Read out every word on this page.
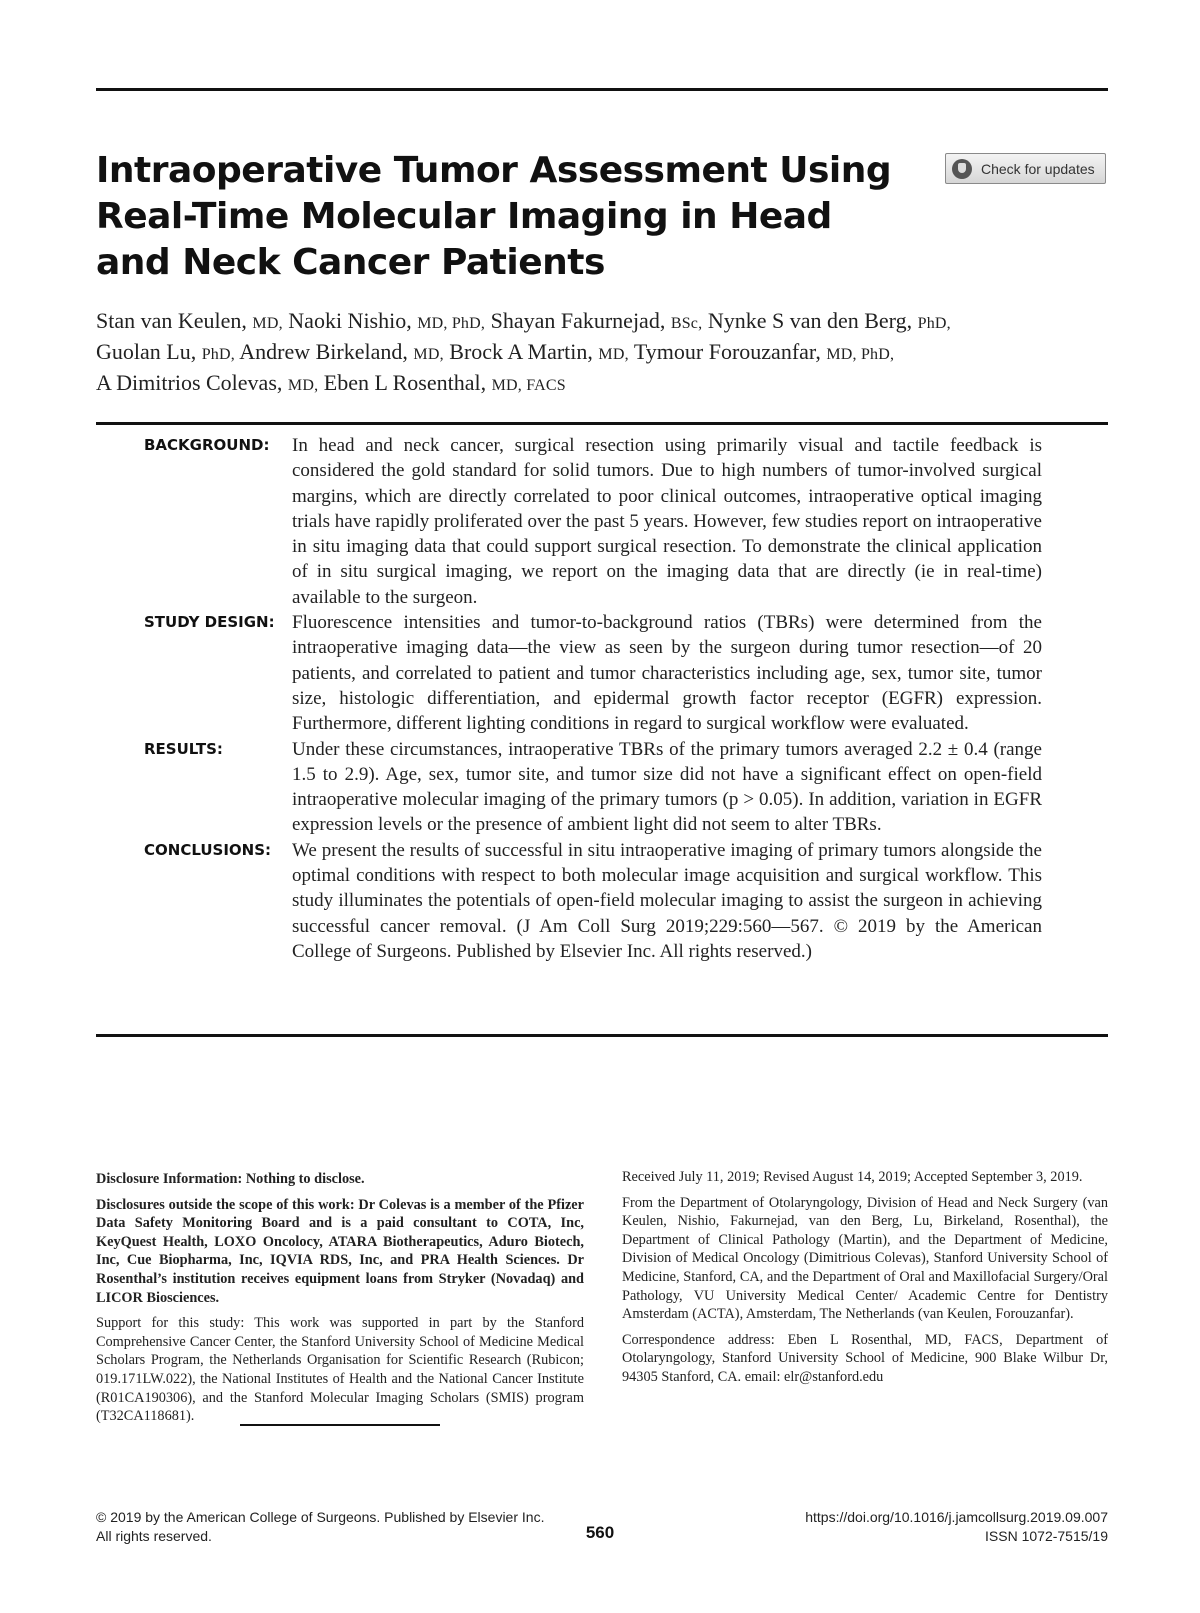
Intraoperative Tumor Assessment Using Real-Time Molecular Imaging in Head and Neck Cancer Patients
Check for updates

Stan van Keulen, MD, Naoki Nishio, MD, PhD, Shayan Fakurnejad, BSc, Nynke S van den Berg, PhD,
Guolan Lu, PhD, Andrew Birkeland, MD, Brock A Martin, MD, Tymour Forouzanfar, MD, PhD,
A Dimitrios Colevas, MD, Eben L Rosenthal, MD, FACS

BACKGROUND:	In head and neck cancer, surgical resection using primarily visual and tactile feedback is considered the gold standard for solid tumors. Due to high numbers of tumor-involved surgical margins, which are directly correlated to poor clinical outcomes, intraoperative optical imaging trials have rapidly proliferated over the past 5 years. However, few studies report on intraoperative in situ imaging data that could support surgical resection. To demonstrate the clinical application of in situ surgical imaging, we report on the imaging data that are directly (ie in real-time) available to the surgeon.

STUDY DESIGN: Fluorescence intensities and tumor-to-background ratios (TBRs) were determined from the intraoperative imaging data—the view as seen by the surgeon during tumor resection—of 20 patients, and correlated to patient and tumor characteristics including age, sex, tumor site, tumor size, histologic differentiation, and epidermal growth factor receptor (EGFR) expression. Furthermore, different lighting conditions in regard to surgical workflow were evaluated.

RESULTS:	Under these circumstances, intraoperative TBRs of the primary tumors averaged 2.2 ± 0.4 (range 1.5 to 2.9). Age, sex, tumor site, and tumor size did not have a significant effect on open-field intraoperative molecular imaging of the primary tumors (p > 0.05). In addition, variation in EGFR expression levels or the presence of ambient light did not seem to alter TBRs.

CONCLUSIONS:	We present the results of successful in situ intraoperative imaging of primary tumors alongside the optimal conditions with respect to both molecular image acquisition and surgical workflow. This study illuminates the potentials of open-field molecular imaging to assist the surgeon in achieving successful cancer removal. (J Am Coll Surg 2019;229:560—567. © 2019 by the American College of Surgeons. Published by Elsevier Inc. All rights reserved.)

Disclosure Information: Nothing to disclose.

Disclosures outside the scope of this work: Dr Colevas is a member of the Pfizer Data Safety Monitoring Board and is a paid consultant to COTA, Inc, KeyQuest Health, LOXO Oncolocy, ATARA Biotherapeutics, Aduro Biotech, Inc, Cue Biopharma, Inc, IQVIA RDS, Inc, and PRA Health Sciences. Dr Rosenthal’s institution receives equipment loans from Stryker (Novadaq) and LICOR Biosciences.

Support for this study: This work was supported in part by the Stanford Comprehensive Cancer Center, the Stanford University School of Medicine Medical Scholars Program, the Netherlands Organisation for Scientific Research (Rubicon; 019.171LW.022), the National Institutes of Health and the National Cancer Institute (R01CA190306), and the Stanford Molecular Imaging Scholars (SMIS) program (T32CA118681).

Received July 11, 2019; Revised August 14, 2019; Accepted September 3, 2019.

From the Department of Otolaryngology, Division of Head and Neck Surgery (van Keulen, Nishio, Fakurnejad, van den Berg, Lu, Birkeland, Rosenthal), the Department of Clinical Pathology (Martin), and the Department of Medicine, Division of Medical Oncology (Dimitrious Colevas), Stanford University School of Medicine, Stanford, CA, and the Department of Oral and Maxillofacial Surgery/Oral Pathology, VU University Medical Center/ Academic Centre for Dentistry Amsterdam (ACTA), Amsterdam, The Netherlands (van Keulen, Forouzanfar).

Correspondence address: Eben L Rosenthal, MD, FACS, Department of Otolaryngology, Stanford University School of Medicine, 900 Blake Wilbur Dr, 94305 Stanford, CA. email: elr@stanford.edu

© 2019 by the American College of Surgeons. Published by Elsevier Inc.
All rights reserved.	560
https://doi.org/10.1016/j.jamcollsurg.2019.09.007
ISSN 1072-7515/19
